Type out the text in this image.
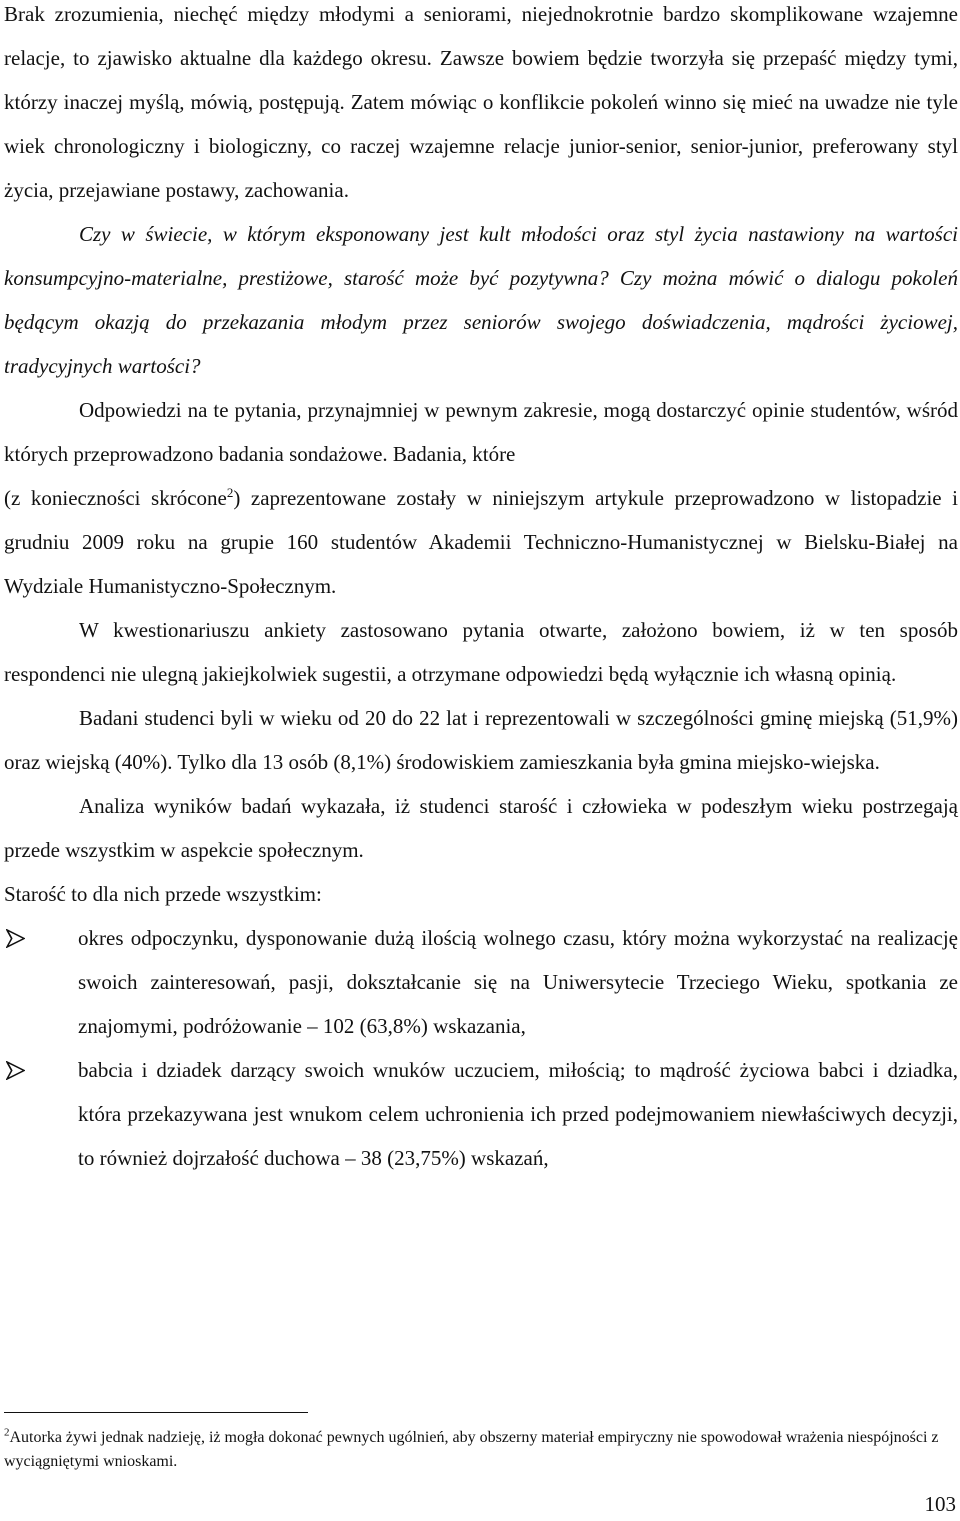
Brak zrozumienia, niechęć między młodymi a seniorami, niejednokrotnie bardzo skomplikowane wzajemne relacje, to zjawisko aktualne dla każdego okresu. Zawsze bowiem będzie tworzyła się przepaść między tymi, którzy inaczej myślą, mówią, postępują. Zatem mówiąc o konflikcie pokoleń winno się mieć na uwadze nie tyle wiek chronologiczny i biologiczny, co raczej wzajemne relacje junior-senior, senior-junior, preferowany styl życia, przejawiane postawy, zachowania.

Czy w świecie, w którym eksponowany jest kult młodości oraz styl życia nastawiony na wartości konsumpcyjno-materialne, prestiżowe, starość może być pozytywna? Czy można mówić o dialogu pokoleń będącym okazją do przekazania młodym przez seniorów swojego doświadczenia, mądrości życiowej, tradycyjnych wartości?

Odpowiedzi na te pytania, przynajmniej w pewnym zakresie, mogą dostarczyć opinie studentów, wśród których przeprowadzono badania sondażowe. Badania, które
(z konieczności skrócone$^2$) zaprezentowane zostały w niniejszym artykule przeprowadzono w listopadzie i grudniu 2009 roku na grupie 160 studentów Akademii Techniczno-Humanistycznej w Bielsku-Białej na Wydziale Humanistyczno-Społecznym.

W kwestionariuszu ankiety zastosowano pytania otwarte, założono bowiem, iż w ten sposób respondenci nie ulegną jakiejkolwiek sugestii, a otrzymane odpowiedzi będą wyłącznie ich własną opinią.

Badani studenci byli w wieku od 20 do 22 lat i reprezentowali w szczególności gminę miejską (51,9%) oraz wiejską (40%). Tylko dla 13 osób (8,1%) środowiskiem zamieszkania była gmina miejsko-wiejska.

Analiza wyników badań wykazała, iż studenci starość i człowieka w podeszłym wieku postrzegają przede wszystkim w aspekcie społecznym.

Starość to dla nich przede wszystkim:

okres odpoczynku, dysponowanie dużą ilością wolnego czasu, który można wykorzystać na realizację swoich zainteresowań, pasji, dokształcanie się na Uniwersytecie Trzeciego Wieku, spotkania ze znajomymi, podróżowanie – 102 (63,8%) wskazania,
babcia i dziadek darzący swoich wnuków uczuciem, miłością; to mądrość życiowa babci i dziadka, która przekazywana jest wnukom celem uchronienia ich przed podejmowaniem niewłaściwych decyzji, to również dojrzałość duchowa – 38 (23,75%) wskazań,

$^2$Autorka żywi jednak nadzieję, iż mogła dokonać pewnych ugólnień, aby obszerny materiał empiryczny nie spowodował wrażenia niespójności z wyciągniętymi wnioskami.

103
